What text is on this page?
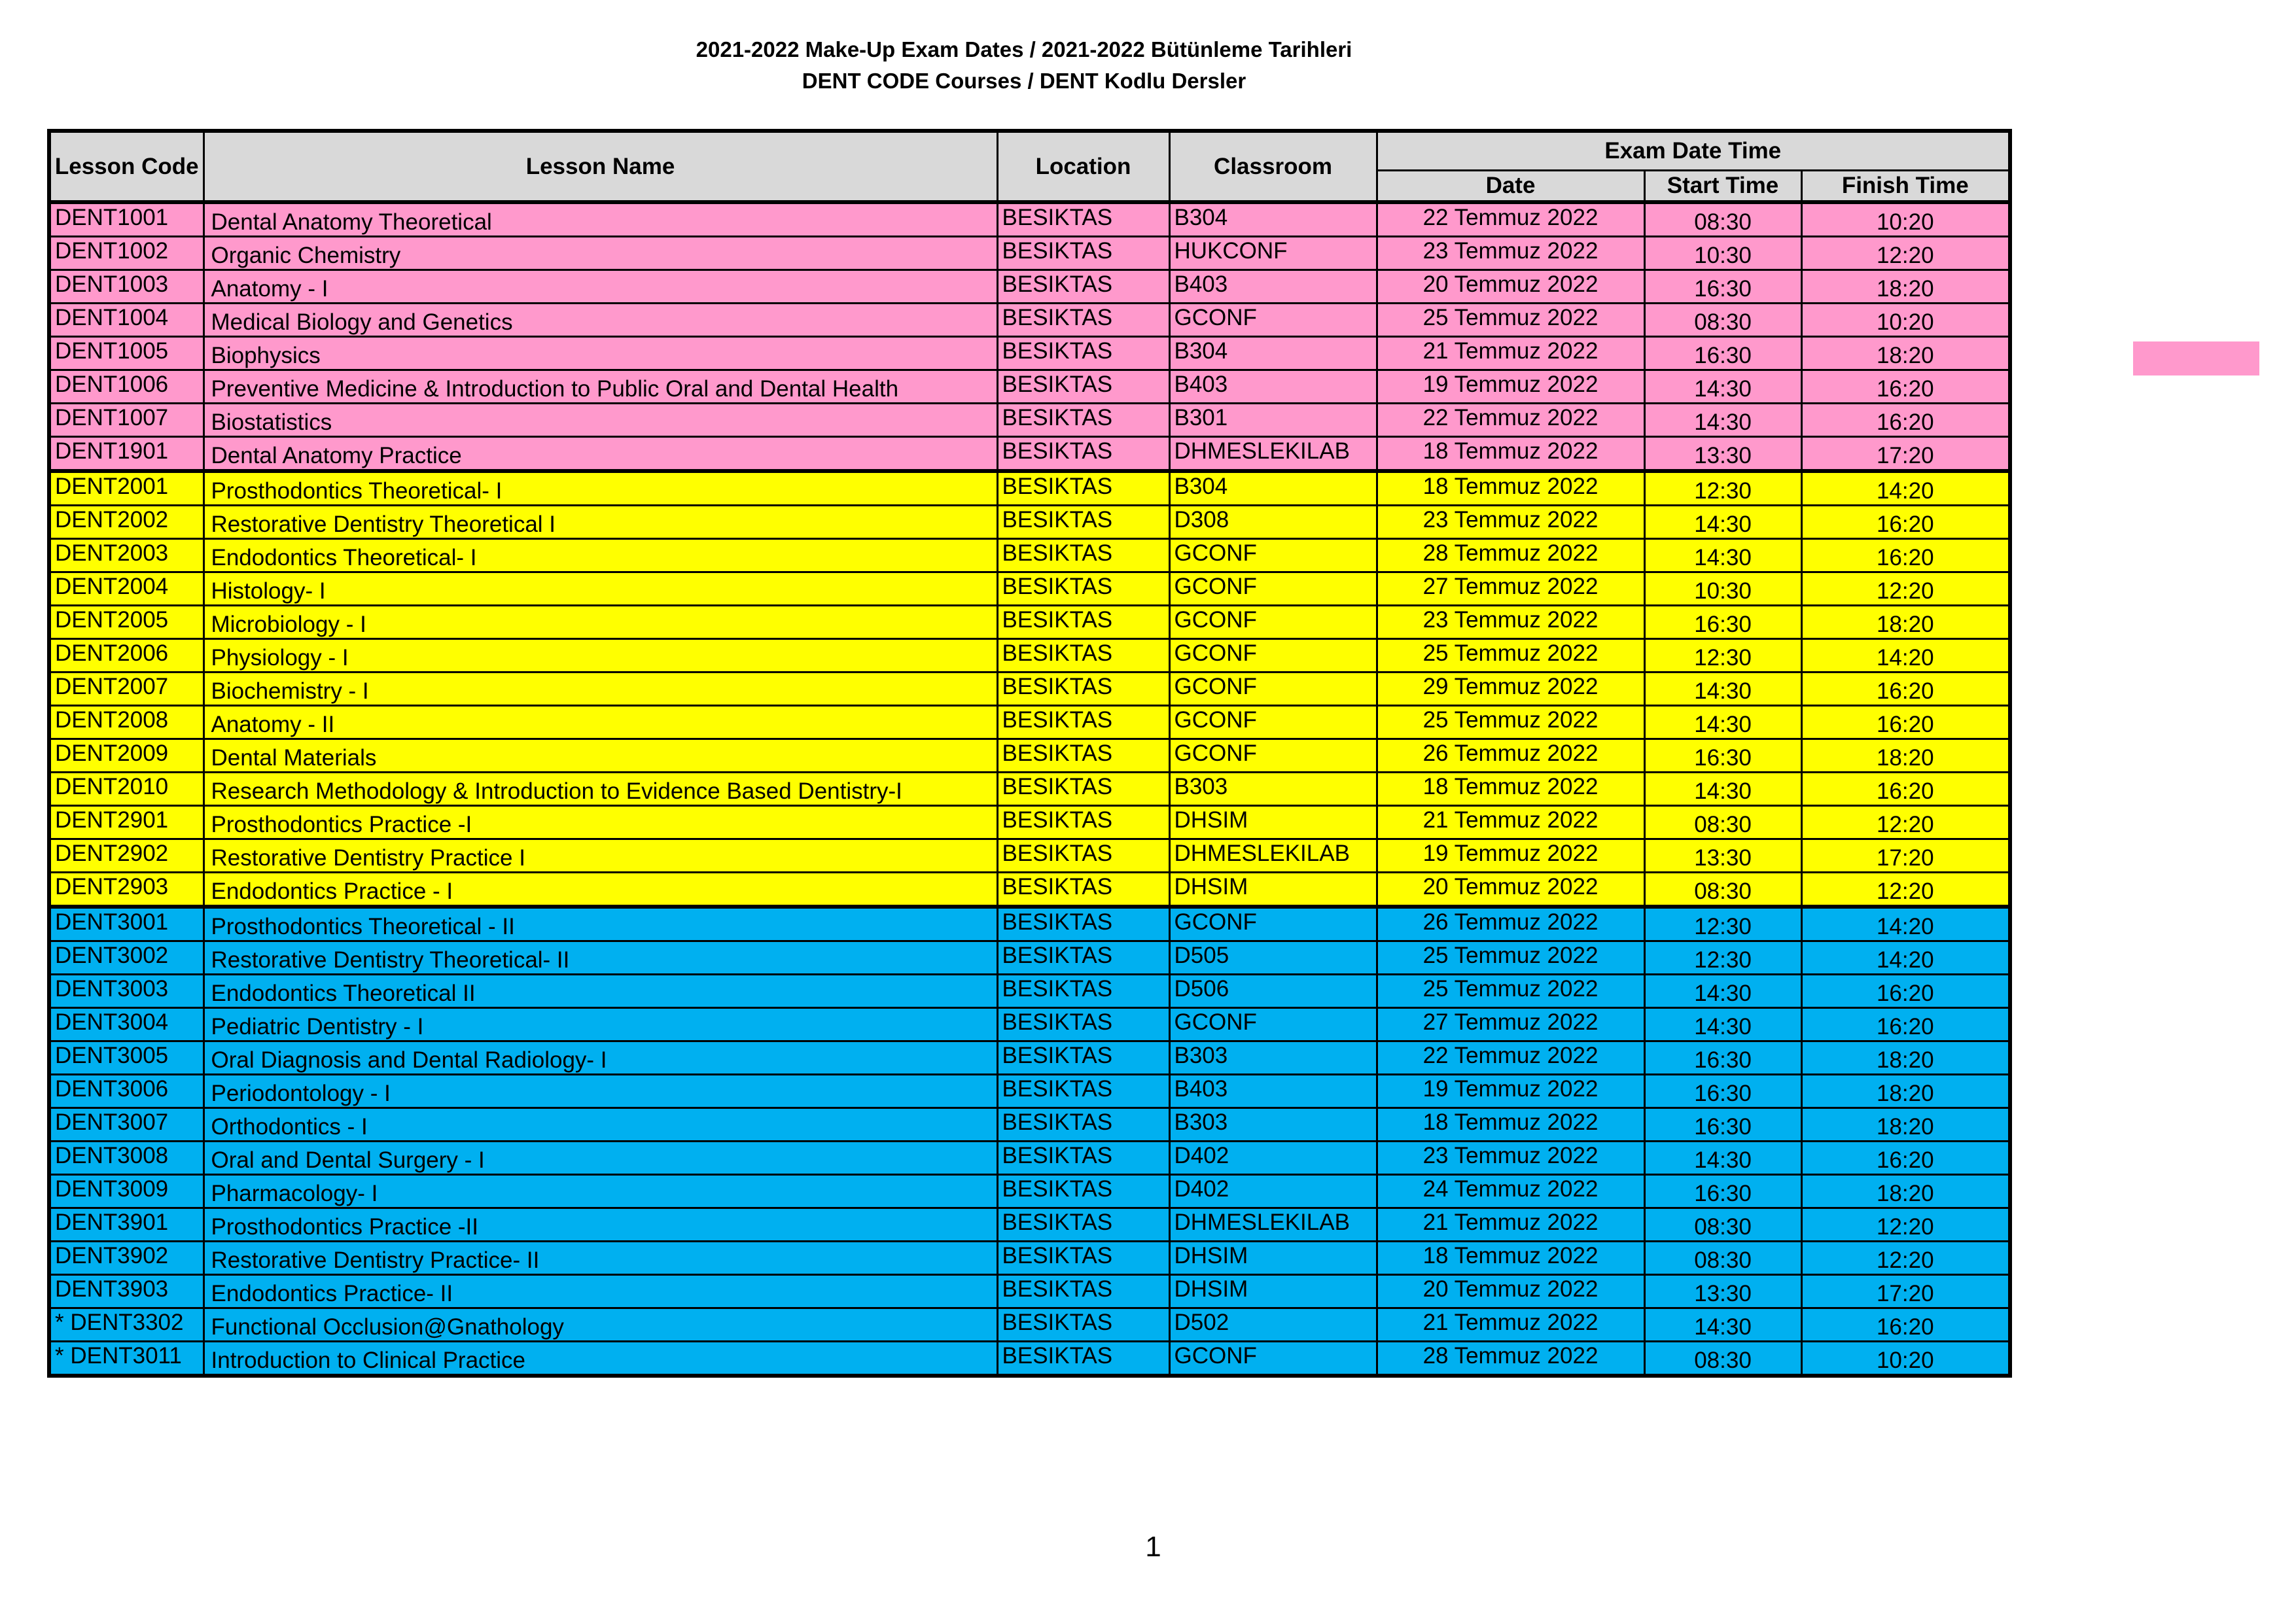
2021-2022 Make-Up Exam Dates / 2021-2022 Bütünleme Tarihleri
DENT CODE Courses / DENT Kodlu Dersler
Lesson Code	Lesson Name	Location	Classroom	Exam Date Time		
				Date	Start Time	Finish Time
DENT1001	Dental Anatomy Theoretical	BESIKTAS	B304	22 Temmuz 2022	08:30	10:20
DENT1002	Organic Chemistry	BESIKTAS	HUKCONF	23 Temmuz 2022	10:30	12:20
DENT1003	Anatomy - I	BESIKTAS	B403	20 Temmuz 2022	16:30	18:20
DENT1004	Medical Biology and Genetics	BESIKTAS	GCONF	25 Temmuz 2022	08:30	10:20
DENT1005	Biophysics	BESIKTAS	B304	21 Temmuz 2022	16:30	18:20
DENT1006	Preventive Medicine & Introduction to Public Oral and Dental Health	BESIKTAS	B403	19 Temmuz 2022	14:30	16:20
DENT1007	Biostatistics	BESIKTAS	B301	22 Temmuz 2022	14:30	16:20
DENT1901	Dental Anatomy Practice	BESIKTAS	DHMESLEKILAB	18 Temmuz 2022	13:30	17:20
DENT2001	Prosthodontics Theoretical- I	BESIKTAS	B304	18 Temmuz 2022	12:30	14:20
DENT2002	Restorative Dentistry Theoretical I	BESIKTAS	D308	23 Temmuz 2022	14:30	16:20
DENT2003	Endodontics Theoretical- I	BESIKTAS	GCONF	28 Temmuz 2022	14:30	16:20
DENT2004	Histology- I	BESIKTAS	GCONF	27 Temmuz 2022	10:30	12:20
DENT2005	Microbiology - I	BESIKTAS	GCONF	23 Temmuz 2022	16:30	18:20
DENT2006	Physiology - I	BESIKTAS	GCONF	25 Temmuz 2022	12:30	14:20
DENT2007	Biochemistry - I	BESIKTAS	GCONF	29 Temmuz 2022	14:30	16:20
DENT2008	Anatomy - II	BESIKTAS	GCONF	25 Temmuz 2022	14:30	16:20
DENT2009	Dental Materials	BESIKTAS	GCONF	26 Temmuz 2022	16:30	18:20
DENT2010	Research Methodology & Introduction to Evidence Based Dentistry-I	BESIKTAS	B303	18 Temmuz 2022	14:30	16:20
DENT2901	Prosthodontics Practice -I	BESIKTAS	DHSIM	21 Temmuz 2022	08:30	12:20
DENT2902	Restorative Dentistry Practice I	BESIKTAS	DHMESLEKILAB	19 Temmuz 2022	13:30	17:20
DENT2903	Endodontics Practice - I	BESIKTAS	DHSIM	20 Temmuz 2022	08:30	12:20
DENT3001	Prosthodontics Theoretical - II	BESIKTAS	GCONF	26 Temmuz 2022	12:30	14:20
DENT3002	Restorative Dentistry Theoretical- II	BESIKTAS	D505	25 Temmuz 2022	12:30	14:20
DENT3003	Endodontics Theoretical II	BESIKTAS	D506	25 Temmuz 2022	14:30	16:20
DENT3004	Pediatric Dentistry - I	BESIKTAS	GCONF	27 Temmuz 2022	14:30	16:20
DENT3005	Oral Diagnosis and Dental Radiology- I	BESIKTAS	B303	22 Temmuz 2022	16:30	18:20
DENT3006	Periodontology - I	BESIKTAS	B403	19 Temmuz 2022	16:30	18:20
DENT3007	Orthodontics - I	BESIKTAS	B303	18 Temmuz 2022	16:30	18:20
DENT3008	Oral and Dental Surgery - I	BESIKTAS	D402	23 Temmuz 2022	14:30	16:20
DENT3009	Pharmacology- I	BESIKTAS	D402	24 Temmuz 2022	16:30	18:20
DENT3901	Prosthodontics Practice -II	BESIKTAS	DHMESLEKILAB	21 Temmuz 2022	08:30	12:20
DENT3902	Restorative Dentistry Practice- II	BESIKTAS	DHSIM	18 Temmuz 2022	08:30	12:20
DENT3903	Endodontics Practice- II	BESIKTAS	DHSIM	20 Temmuz 2022	13:30	17:20
* DENT3302	Functional Occlusion@Gnathology	BESIKTAS	D502	21 Temmuz 2022	14:30	16:20
* DENT3011	Introduction to Clinical Practice	BESIKTAS	GCONF	28 Temmuz 2022	08:30	10:20
1
